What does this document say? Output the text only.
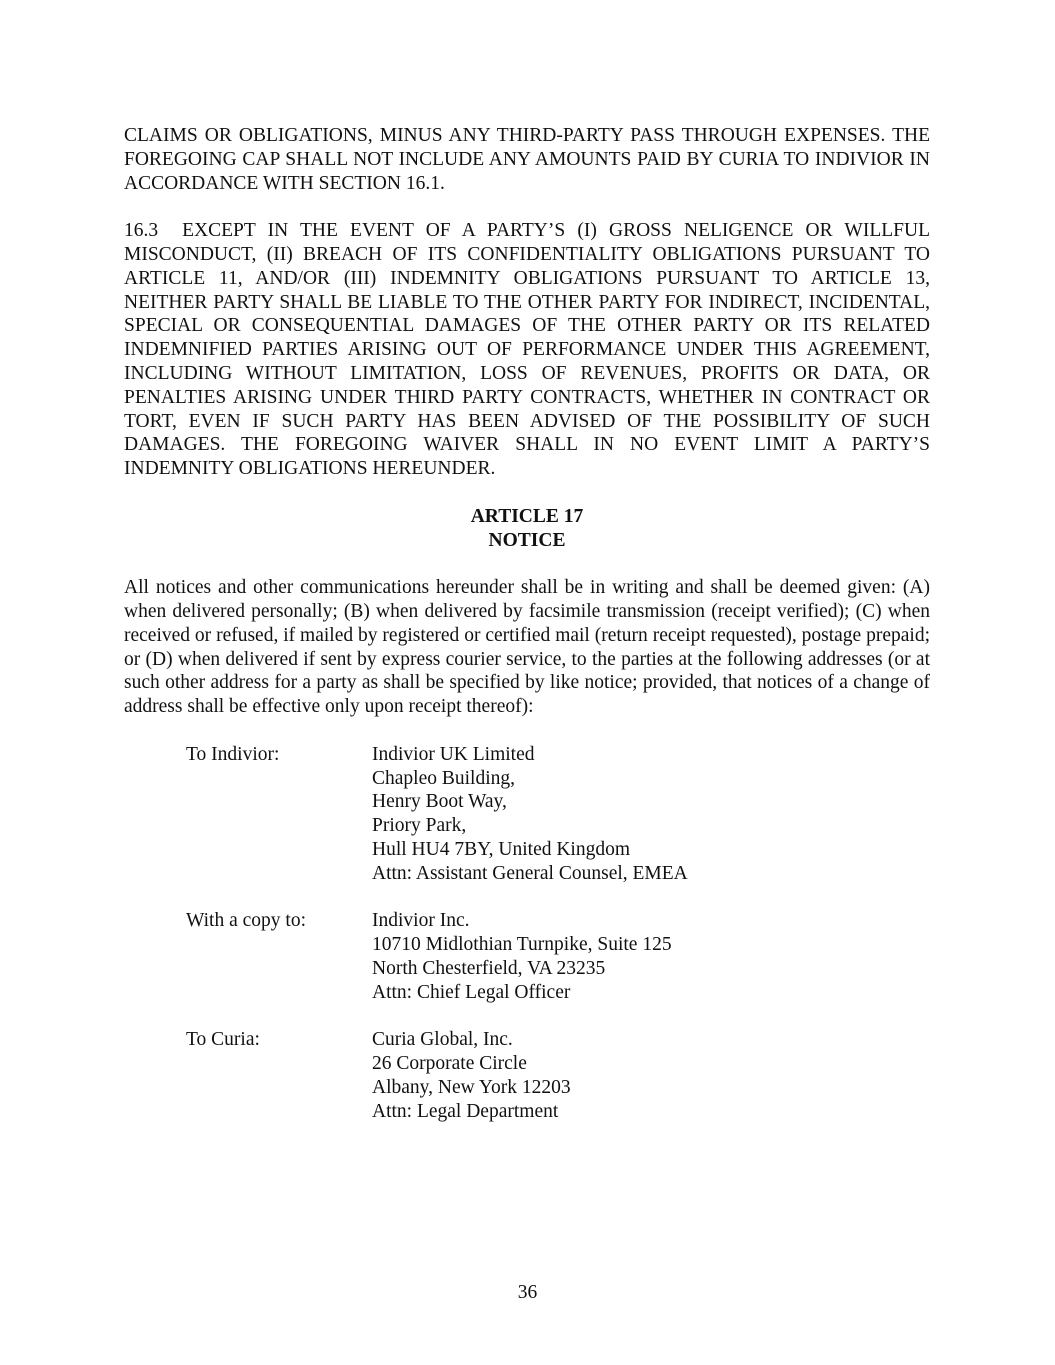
CLAIMS OR OBLIGATIONS, MINUS ANY THIRD-PARTY PASS THROUGH EXPENSES. THE FOREGOING CAP SHALL NOT INCLUDE ANY AMOUNTS PAID BY CURIA TO INDIVIOR IN ACCORDANCE WITH SECTION 16.1.

16.3 EXCEPT IN THE EVENT OF A PARTY’S (I) GROSS NELIGENCE OR WILLFUL MISCONDUCT, (II) BREACH OF ITS CONFIDENTIALITY OBLIGATIONS PURSUANT TO ARTICLE 11, AND/OR (III) INDEMNITY OBLIGATIONS PURSUANT TO ARTICLE 13, NEITHER PARTY SHALL BE LIABLE TO THE OTHER PARTY FOR INDIRECT, INCIDENTAL, SPECIAL OR CONSEQUENTIAL DAMAGES OF THE OTHER PARTY OR ITS RELATED INDEMNIFIED PARTIES ARISING OUT OF PERFORMANCE UNDER THIS AGREEMENT, INCLUDING WITHOUT LIMITATION, LOSS OF REVENUES, PROFITS OR DATA, OR PENALTIES ARISING UNDER THIRD PARTY CONTRACTS, WHETHER IN CONTRACT OR TORT, EVEN IF SUCH PARTY HAS BEEN ADVISED OF THE POSSIBILITY OF SUCH DAMAGES. THE FOREGOING WAIVER SHALL IN NO EVENT LIMIT A PARTY’S INDEMNITY OBLIGATIONS HEREUNDER.

ARTICLE 17

NOTICE

All notices and other communications hereunder shall be in writing and shall be deemed given: (A) when delivered personally; (B) when delivered by facsimile transmission (receipt verified); (C) when received or refused, if mailed by registered or certified mail (return receipt requested), postage prepaid; or (D) when delivered if sent by express courier service, to the parties at the following addresses (or at such other address for a party as shall be specified by like notice; provided, that notices of a change of address shall be effective only upon receipt thereof):

To Indivior:	Indivior UK Limited
Chapleo Building,
Henry Boot Way,
Priory Park,
Hull HU4 7BY, United Kingdom
Attn: Assistant General Counsel, EMEA
With a copy to:	Indivior Inc.
10710 Midlothian Turnpike, Suite 125
North Chesterfield, VA 23235
Attn: Chief Legal Officer
To Curia:	Curia Global, Inc.
26 Corporate Circle
Albany, New York 12203
Attn: Legal Department
36
